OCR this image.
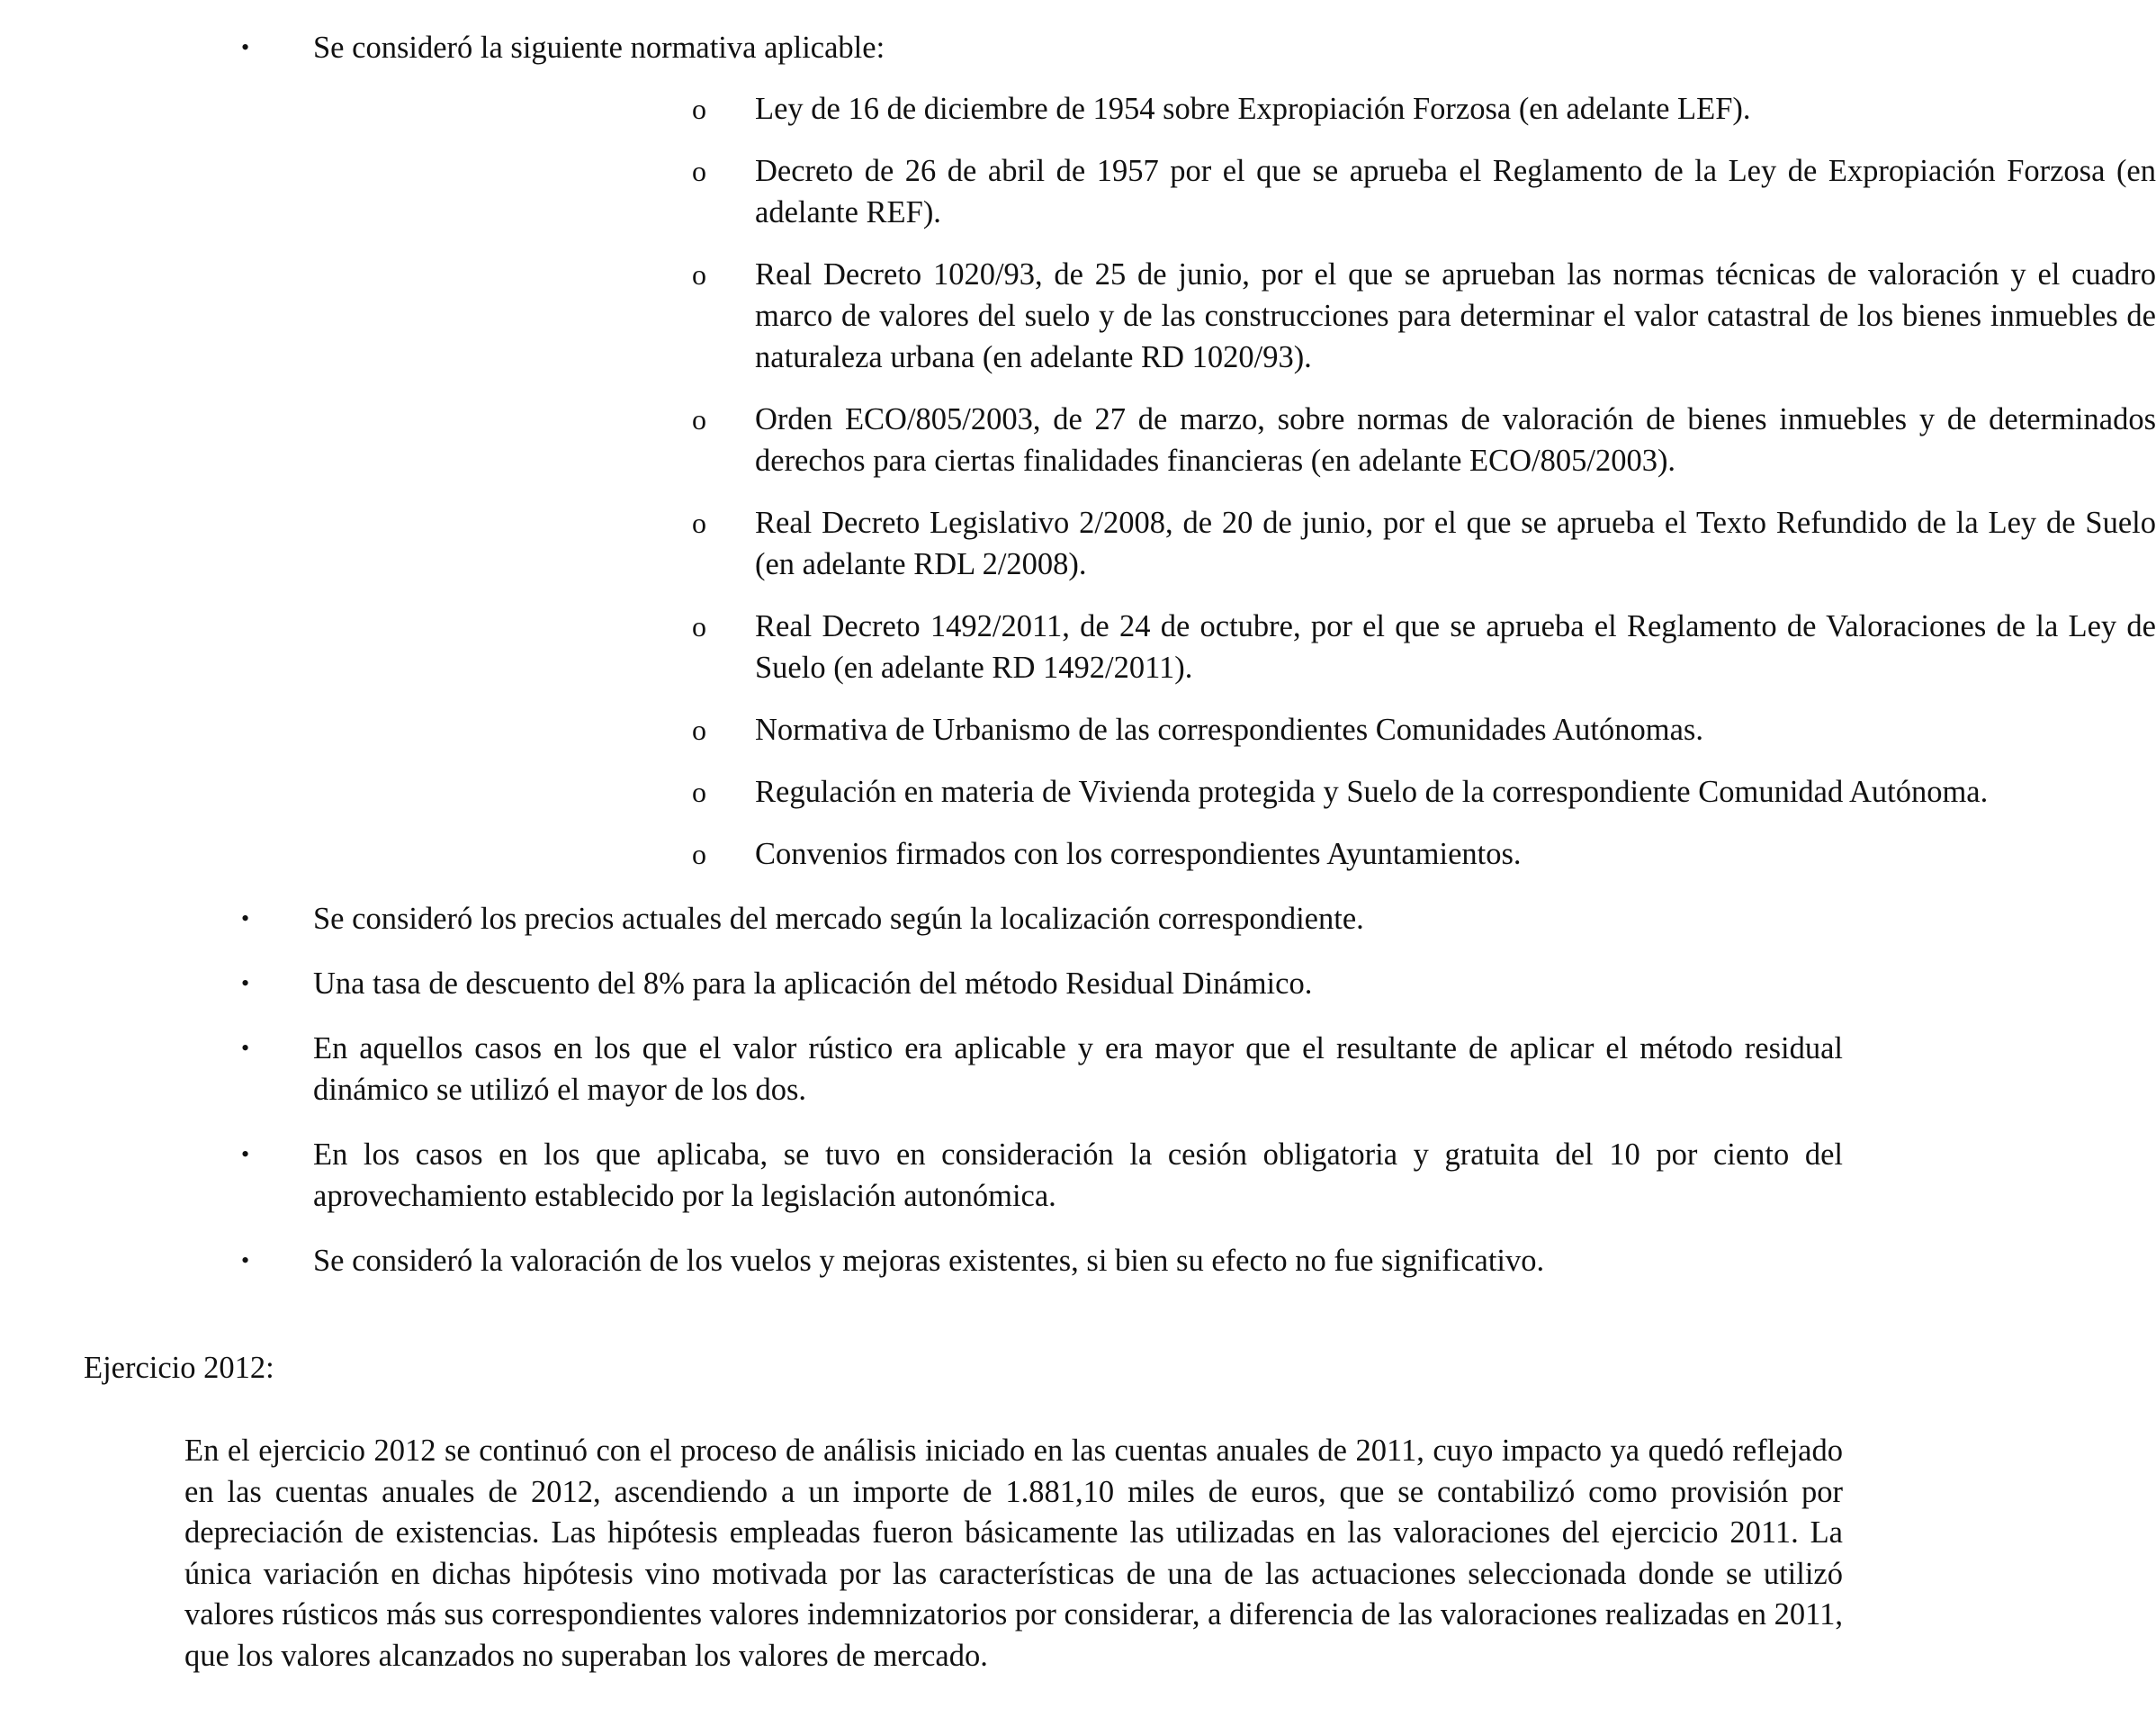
• Se consideró la siguiente normativa aplicable:
o Ley de 16 de diciembre de 1954 sobre Expropiación Forzosa (en adelante LEF).
o Decreto de 26 de abril de 1957 por el que se aprueba el Reglamento de la Ley de Expropiación Forzosa (en adelante REF).
o Real Decreto 1020/93, de 25 de junio, por el que se aprueban las normas técnicas de valoración y el cuadro marco de valores del suelo y de las construcciones para determinar el valor catastral de los bienes inmuebles de naturaleza urbana (en adelante RD 1020/93).
o Orden ECO/805/2003, de 27 de marzo, sobre normas de valoración de bienes inmuebles y de determinados derechos para ciertas finalidades financieras (en adelante ECO/805/2003).
o Real Decreto Legislativo 2/2008, de 20 de junio, por el que se aprueba el Texto Refundido de la Ley de Suelo (en adelante RDL 2/2008).
o Real Decreto 1492/2011, de 24 de octubre, por el que se aprueba el Reglamento de Valoraciones de la Ley de Suelo (en adelante RD 1492/2011).
o Normativa de Urbanismo de las correspondientes Comunidades Autónomas.
o Regulación en materia de Vivienda protegida y Suelo de la correspondiente Comunidad Autónoma.
o Convenios firmados con los correspondientes Ayuntamientos.
• Se consideró los precios actuales del mercado según la localización correspondiente.
• Una tasa de descuento del 8% para la aplicación del método Residual Dinámico.
• En aquellos casos en los que el valor rústico era aplicable y era mayor que el resultante de aplicar el método residual dinámico se utilizó el mayor de los dos.
• En los casos en los que aplicaba, se tuvo en consideración la cesión obligatoria y gratuita del 10 por ciento del aprovechamiento establecido por la legislación autonómica.
• Se consideró la valoración de los vuelos y mejoras existentes, si bien su efecto no fue significativo.
Ejercicio 2012:
En el ejercicio 2012 se continuó con el proceso de análisis iniciado en las cuentas anuales de 2011, cuyo impacto ya quedó reflejado en las cuentas anuales de 2012, ascendiendo a un importe de 1.881,10 miles de euros, que se contabilizó como provisión por depreciación de existencias. Las hipótesis empleadas fueron básicamente las utilizadas en las valoraciones del ejercicio 2011. La única variación en dichas hipótesis vino motivada por las características de una de las actuaciones seleccionada donde se utilizó valores rústicos más sus correspondientes valores indemnizatorios por considerar, a diferencia de las valoraciones realizadas en 2011, que los valores alcanzados no superaban los valores de mercado.
